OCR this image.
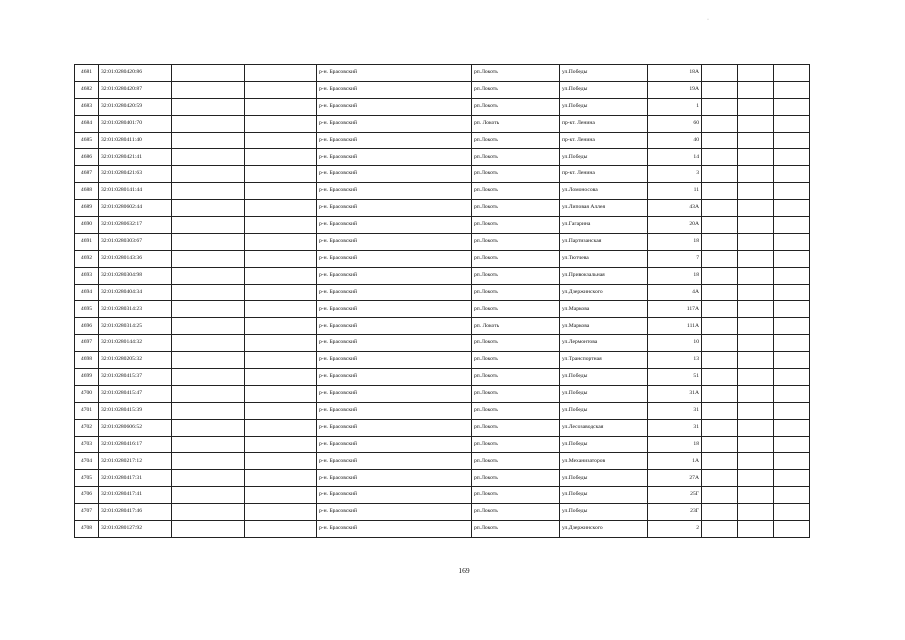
·
4681	32:01:0280420:86			р-н. Брасовский	рп.Локоть	ул.Победы	18А			
4682	32:01:0280420:87			р-н. Брасовский	рп.Локоть	ул.Победы	19А			
4683	32:01:0280420:59			р-н. Брасовский	рп.Локоть	ул.Победы	1			
4684	32:01:0280401:70			р-н. Брасовский	рп. Локоть	пр-кт. Ленина	60			
4685	32:01:0280411:40			р-н. Брасовский	рп.Локоть	пр-кт. Ленина	40			
4686	32:01:0280421:41			р-н. Брасовский	рп.Локоть	ул.Победы	14			
4687	32:01:0280421:63			р-н. Брасовский	рп.Локоть	пр-кт. Ленина	3			
4688	32:01:0280141:44			р-н. Брасовский	рп.Локоть	ул.Ломоносова	11			
4689	32:01:0280602:44			р-н. Брасовский	рп.Локоть	ул.Липовая Аллея	43А			
4690	32:01:0280632:17			р-н. Брасовский	рп.Локоть	ул.Гагарина	20А			
4691	32:01:0280303:67			р-н. Брасовский	рп.Локоть	ул.Партизанская	18			
4692	32:01:0280143:36			р-н. Брасовский	рп.Локоть	ул.Тютчева	7			
4693	32:01:0280304:98			р-н. Брасовский	рп.Локоть	ул.Привокзальная	18			
4694	32:01:0280404:34			р-н. Брасовский	рп.Локоть	ул.Дзержинского	4А			
4695	32:01:0280314:23			р-н. Брасовский	рп.Локоть	ул.Маркова	117А			
4696	32:01:0280314:25			р-н. Брасовский	рп. Локоть	ул.Маркова	111А			
4697	32:01:0280144:32			р-н. Брасовский	рп.Локоть	ул.Лермонтова	10			
4698	32:01:0280205:32			р-н. Брасовский	рп.Локоть	ул.Транспортная	13			
4699	32:01:0280415:37			р-н. Брасовский	рп.Локоть	ул.Победы	51			
4700	32:01:0280415:47			р-н. Брасовский	рп.Локоть	ул.Победы	31А			
4701	32:01:0280415:39			р-н. Брасовский	рп.Локоть	ул.Победы	31			
4702	32:01:0280606:52			р-н. Брасовский	рп.Локоть	ул.Лесозаводская	31			
4703	32:01:0280416:17			р-н. Брасовский	рп.Локоть	ул.Победы	18			
4704	32:01:0280217:12			р-н. Брасовский	рп.Локоть	ул.Механизаторов	1А			
4705	32:01:0280417:31			р-н. Брасовский	рп.Локоть	ул.Победы	27А			
4706	32:01:0280417:41			р-н. Брасовский	рп.Локоть	ул.Победы	25Г			
4707	32:01:0280417:46			р-н. Брасовский	рп.Локоть	ул.Победы	23Г			
4708	32:01:0280127:92			р-н. Брасовский	рп.Локоть	ул.Дзержинского	2			
169
